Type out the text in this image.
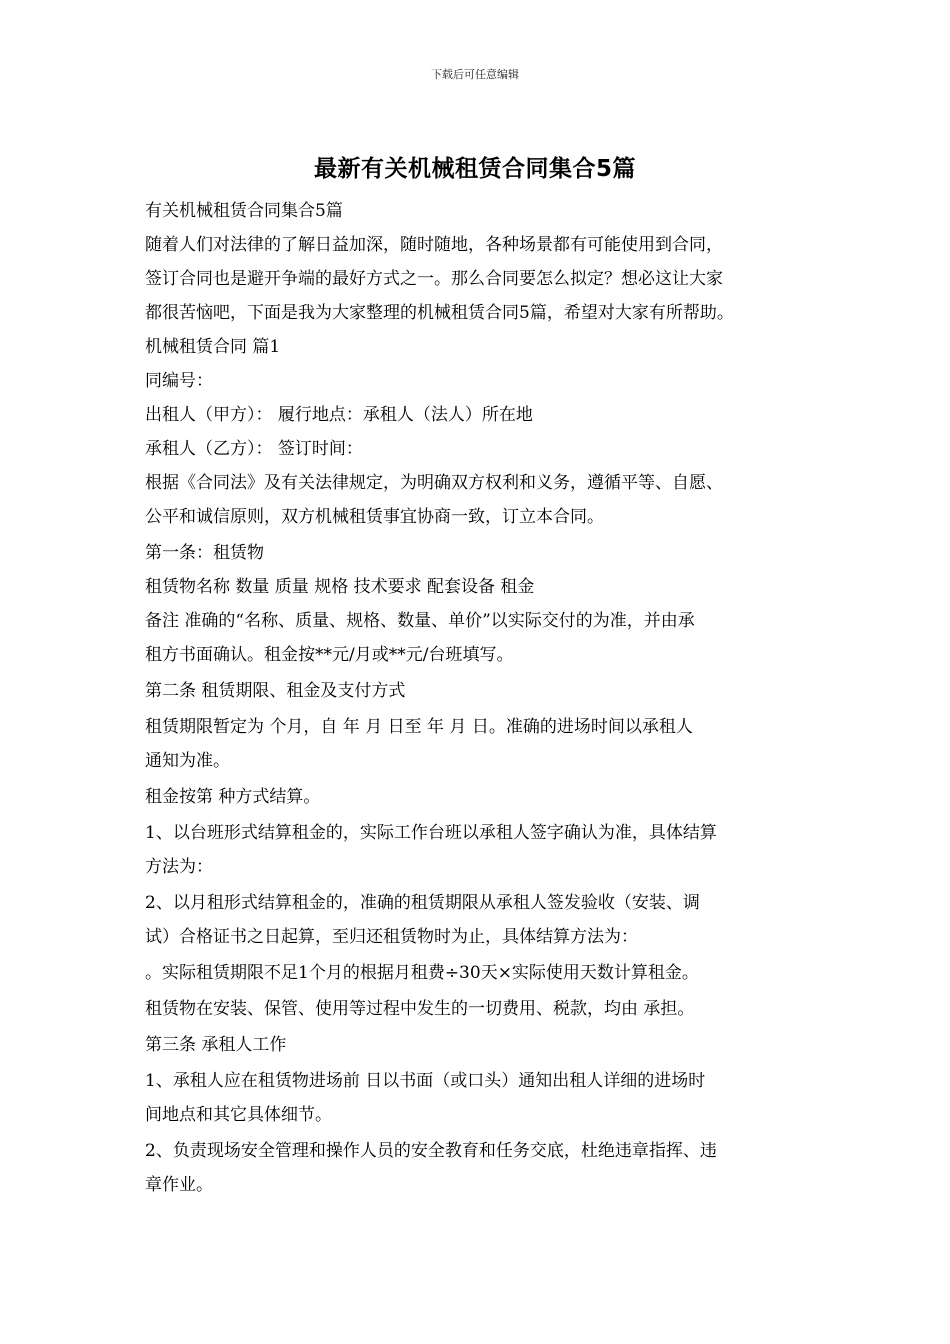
下载后可任意编辑
最新有关机械租赁合同集合5篇
有关机械租赁合同集合5篇
随着人们对法律的了解日益加深，随时随地，各种场景都有可能使用到合同，
签订合同也是避开争端的最好方式之一。那么合同要怎么拟定？想必这让大家
都很苦恼吧，下面是我为大家整理的机械租赁合同5篇，希望对大家有所帮助。
机械租赁合同 篇1
同编号：
出租人（甲方）： 履行地点：承租人（法人）所在地
承租人（乙方）： 签订时间：
根据《合同法》及有关法律规定，为明确双方权利和义务，遵循平等、自愿、
公平和诚信原则，双方机械租赁事宜协商一致，订立本合同。
第一条：租赁物
租赁物名称 数量 质量 规格 技术要求 配套设备 租金
备注 准确的“名称、质量、规格、数量、单价”以实际交付的为准，并由承
租方书面确认。租金按**元/月或**元/台班填写。
第二条 租赁期限、租金及支付方式
租赁期限暂定为 个月，自 年 月 日至 年 月 日。准确的进场时间以承租人
通知为准。
租金按第 种方式结算。
1、以台班形式结算租金的，实际工作台班以承租人签字确认为准，具体结算
方法为：
2、以月租形式结算租金的，准确的租赁期限从承租人签发验收（安装、调
试）合格证书之日起算，至归还租赁物时为止，具体结算方法为：
。实际租赁期限不足1个月的根据月租费÷30天×实际使用天数计算租金。
租赁物在安装、保管、使用等过程中发生的一切费用、税款，均由 承担。
第三条 承租人工作
1、承租人应在租赁物进场前 日以书面（或口头）通知出租人详细的进场时
间地点和其它具体细节。
2、负责现场安全管理和操作人员的安全教育和任务交底，杜绝违章指挥、违
章作业。
